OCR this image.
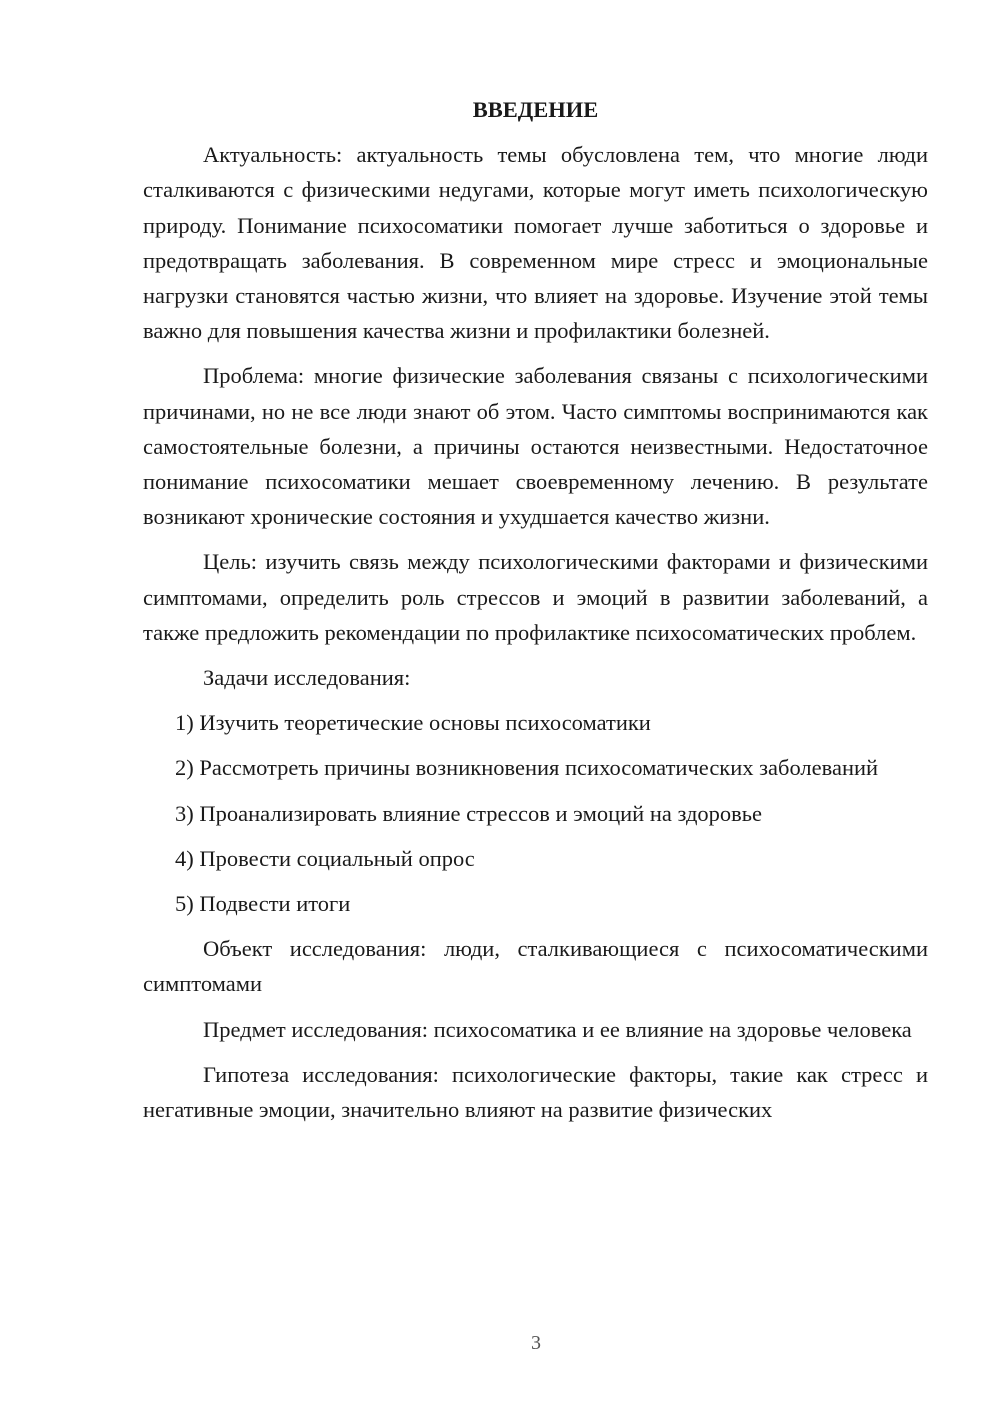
ВВЕДЕНИЕ

Актуальность: актуальность темы обусловлена тем, что многие люди сталкиваются с физическими недугами, которые могут иметь психологическую природу. Понимание психосоматики помогает лучше заботиться о здоровье и предотвращать заболевания. В современном мире стресс и эмоциональные нагрузки становятся частью жизни, что влияет на здоровье. Изучение этой темы важно для повышения качества жизни и профилактики болезней.

Проблема: многие физические заболевания связаны с психологическими причинами, но не все люди знают об этом. Часто симптомы воспринимаются как самостоятельные болезни, а причины остаются неизвестными. Недостаточное понимание психосоматики мешает своевременному лечению. В результате возникают хронические состояния и ухудшается качество жизни.

Цель: изучить связь между психологическими факторами и физическими симптомами, определить роль стрессов и эмоций в развитии заболеваний, а также предложить рекомендации по профилактике психосоматических проблем.

Задачи исследования:

1) Изучить теоретические основы психосоматики

2) Рассмотреть причины возникновения психосоматических заболеваний

3) Проанализировать влияние стрессов и эмоций на здоровье

4) Провести социальный опрос

5) Подвести итоги

Объект исследования: люди, сталкивающиеся с психосоматическими симптомами

Предмет исследования: психосоматика и ее влияние на здоровье человека

Гипотеза исследования: психологические факторы, такие как стресс и негативные эмоции, значительно влияют на развитие физических

3
